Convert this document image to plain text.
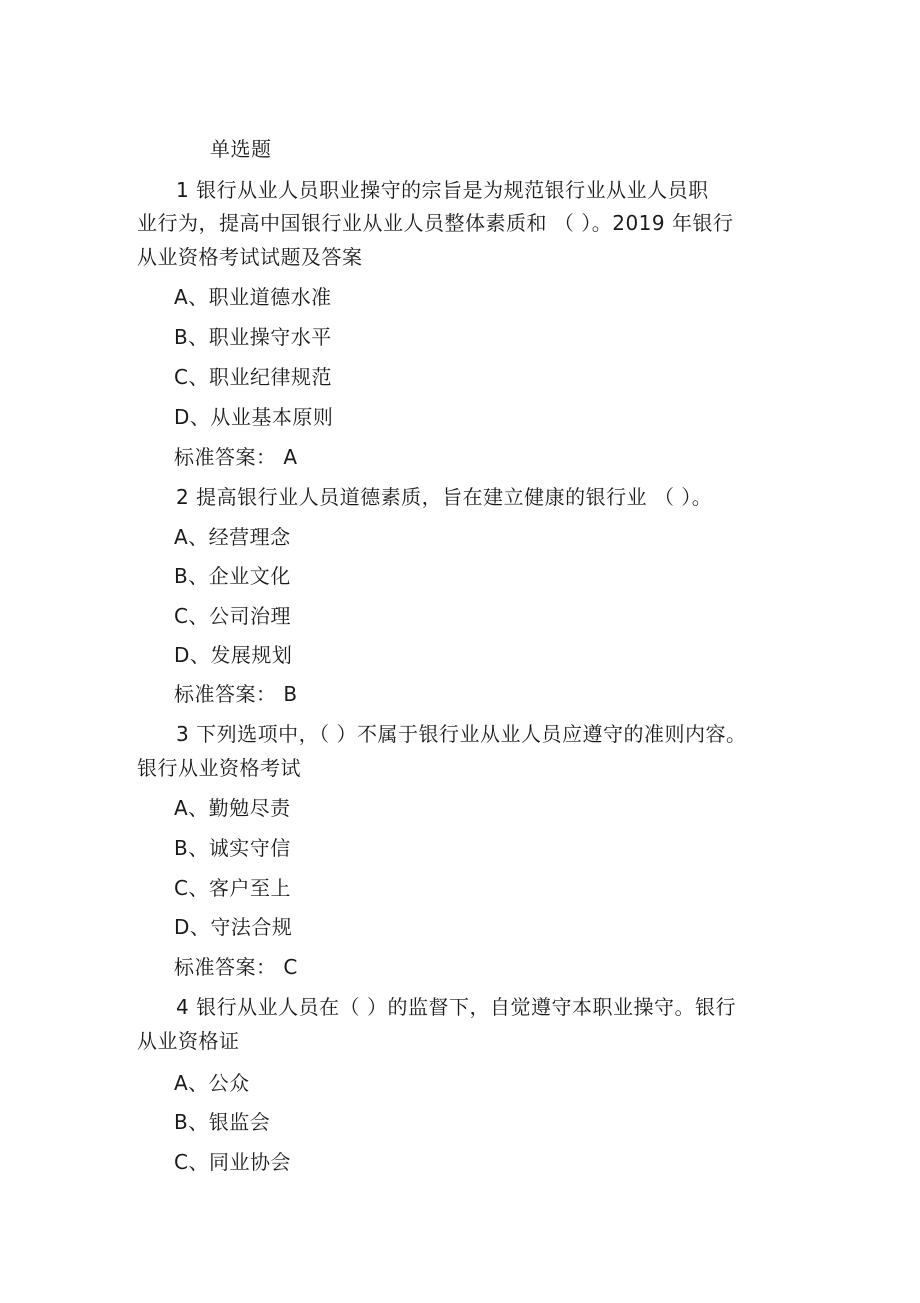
单选题
1 银行从业人员职业操守的宗旨是为规范银行业从业人员职
业行为，提高中国银行业从业人员整体素质和 （ ）。2019 年银行
从业资格考试试题及答案
A、职业道德水准
B、职业操守水平
C、职业纪律规范
D、从业基本原则
标准答案： A
2 提高银行业人员道德素质，旨在建立健康的银行业 （ ）。
A、经营理念
B、企业文化
C、公司治理
D、发展规划
标准答案： B
3 下列选项中，（ ）不属于银行业从业人员应遵守的准则内容。
银行从业资格考试
A、勤勉尽责
B、诚实守信
C、客户至上
D、守法合规
标准答案： C
4 银行从业人员在（ ）的监督下，自觉遵守本职业操守。银行
从业资格证
A、公众
B、银监会
C、同业协会
